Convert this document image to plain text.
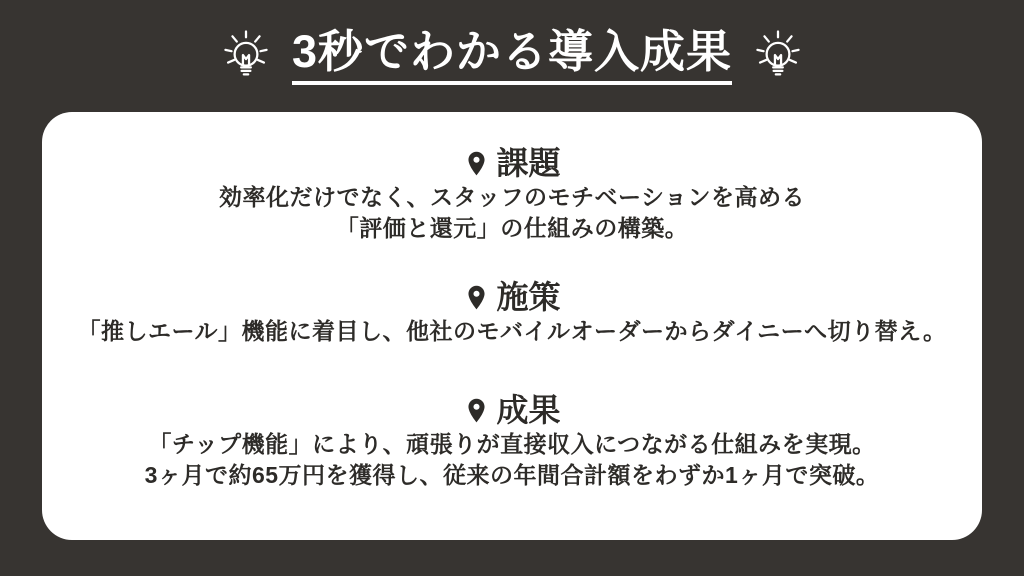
3秒でわかる導入成果
課題
効率化だけでなく、スタッフのモチベーションを高める
「評価と還元」の仕組みの構築。
施策
「推しエール」機能に着目し、他社のモバイルオーダーからダイニーへ切り替え。
成果
「チップ機能」により、頑張りが直接収入につながる仕組みを実現。
3ヶ月で約65万円を獲得し、従来の年間合計額をわずか1ヶ月で突破。
